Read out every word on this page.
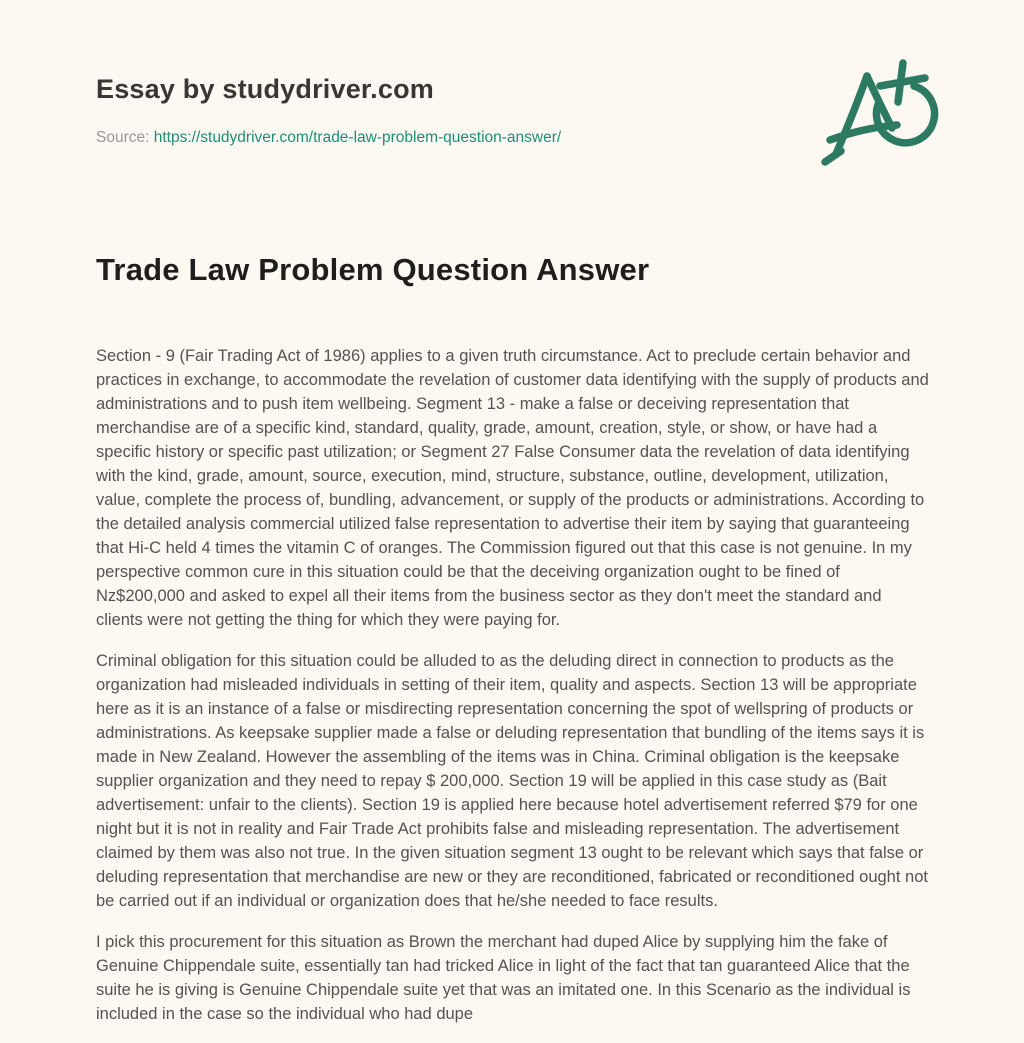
Essay by studydriver.com
Source: https://studydriver.com/trade-law-problem-question-answer/
Trade Law Problem Question Answer

Section - 9 (Fair Trading Act of 1986) applies to a given truth circumstance. Act to preclude certain behavior and practices in exchange, to accommodate the revelation of customer data identifying with the supply of products and administrations and to push item wellbeing. Segment 13 - make a false or deceiving representation that merchandise are of a specific kind, standard, quality, grade, amount, creation, style, or show, or have had a specific history or specific past utilization; or Segment 27 False Consumer data the revelation of data identifying with the kind, grade, amount, source, execution, mind, structure, substance, outline, development, utilization, value, complete the process of, bundling, advancement, or supply of the products or administrations. According to the detailed analysis commercial utilized false representation to advertise their item by saying that guaranteeing that Hi-C held 4 times the vitamin C of oranges. The Commission figured out that this case is not genuine. In my perspective common cure in this situation could be that the deceiving organization ought to be fined of Nz$200,000 and asked to expel all their items from the business sector as they don't meet the standard and clients were not getting the thing for which they were paying for.

Criminal obligation for this situation could be alluded to as the deluding direct in connection to products as the organization had misleaded individuals in setting of their item, quality and aspects. Section 13 will be appropriate here as it is an instance of a false or misdirecting representation concerning the spot of wellspring of products or administrations. As keepsake supplier made a false or deluding representation that bundling of the items says it is made in New Zealand. However the assembling of the items was in China. Criminal obligation is the keepsake supplier organization and they need to repay $ 200,000. Section 19 will be applied in this case study as (Bait advertisement: unfair to the clients). Section 19 is applied here because hotel advertisement referred $79 for one night but it is not in reality and Fair Trade Act prohibits false and misleading representation. The advertisement claimed by them was also not true. In the given situation segment 13 ought to be relevant which says that false or deluding representation that merchandise are new or they are reconditioned, fabricated or reconditioned ought not be carried out if an individual or organization does that he/she needed to face results.

I pick this procurement for this situation as Brown the merchant had duped Alice by supplying him the fake of Genuine Chippendale suite, essentially tan had tricked Alice in light of the fact that tan guaranteed Alice that the suite he is giving is Genuine Chippendale suite yet that was an imitated one. In this Scenario as the individual is included in the case so the individual who had dupe
